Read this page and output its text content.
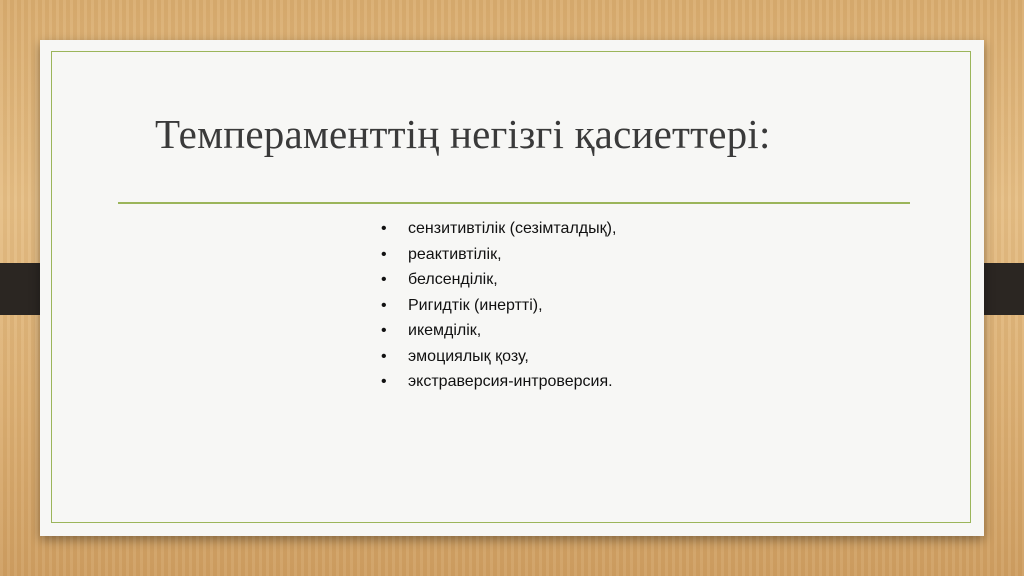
Темпераменттің негізгі қасиеттері:
• сензитивтілік (сезімталдық),
• реактивтілік,
• белсенділік,
• Ригидтік (инертті),
• икемділік,
• эмоциялық қозу,
• экстраверсия-интроверсия.
